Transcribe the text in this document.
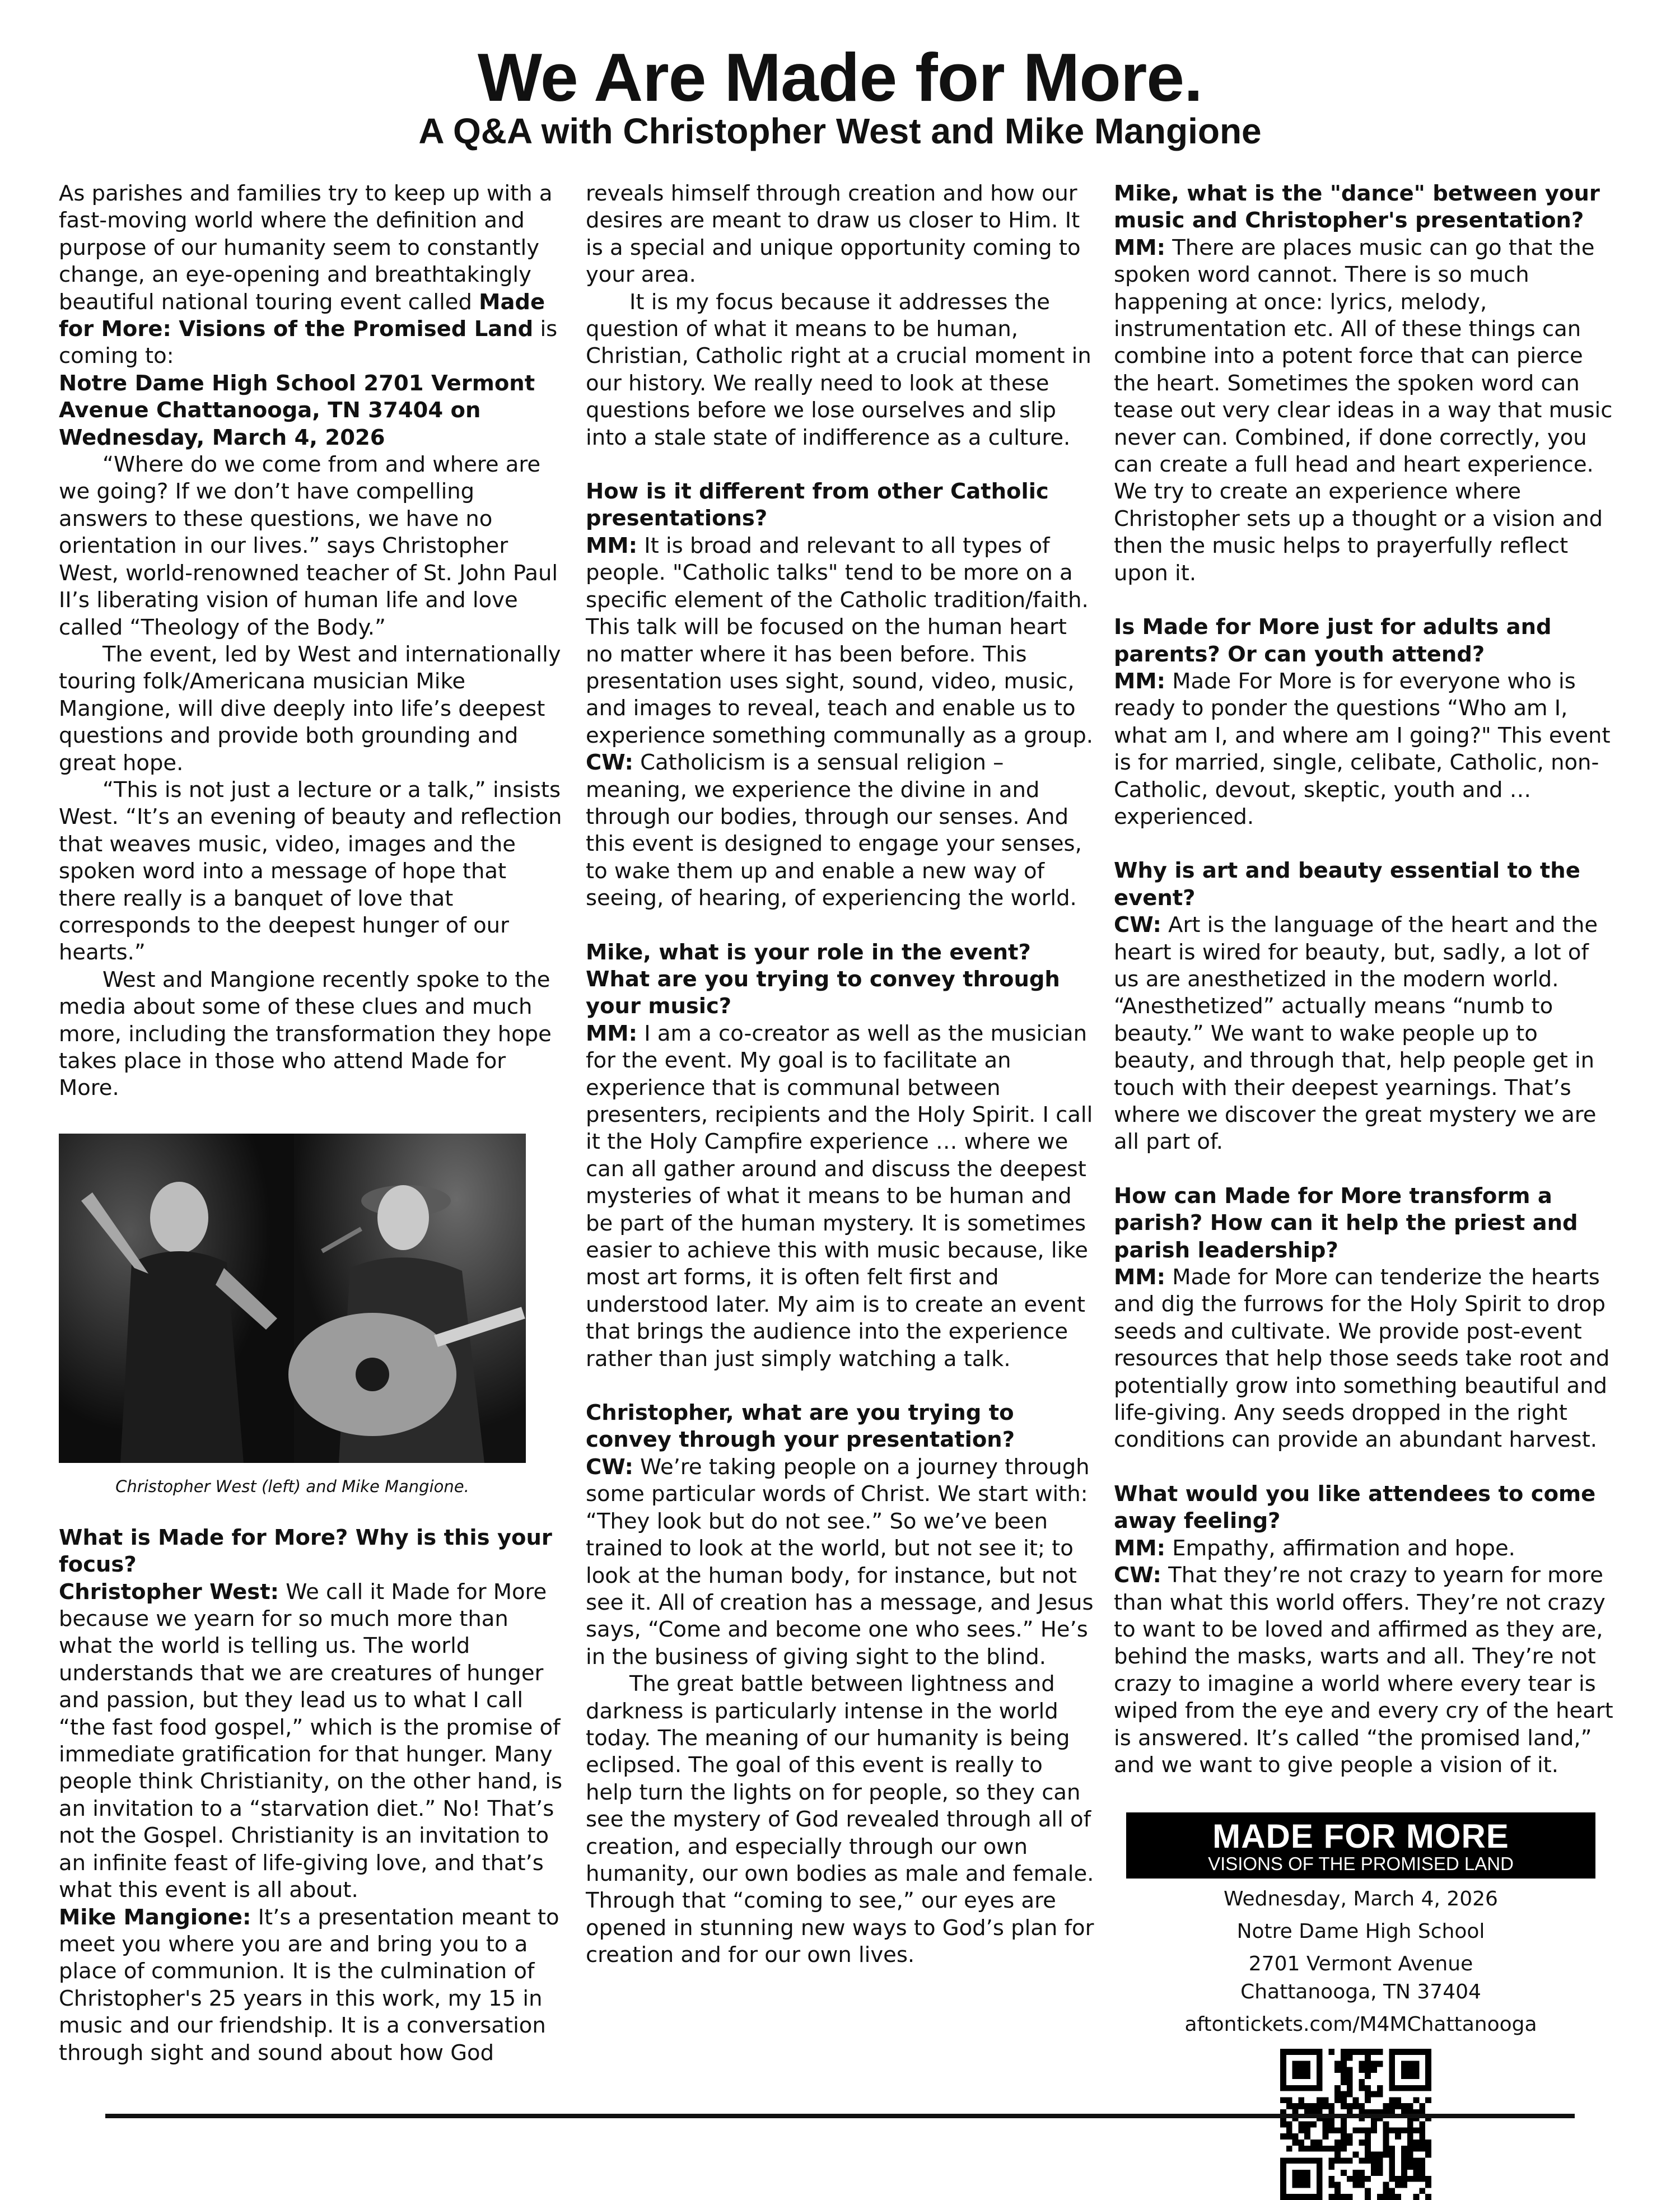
We Are Made for More.
A Q&A with Christopher West and Mike Mangione

As parishes and families try to keep up with a fast-moving world where the definition and purpose of our humanity seem to constantly change, an eye-opening and breathtakingly beautiful national touring event called Made for More: Visions of the Promised Land is coming to:

Notre Dame High School 2701 Vermont Avenue Chattanooga, TN 37404 on Wednesday, March 4, 2026

“Where do we come from and where are we going? If we don’t have compelling answers to these questions, we have no orientation in our lives.” says Christopher West, world-renowned teacher of St. John Paul II’s liberating vision of human life and love called “Theology of the Body.”

The event, led by West and internationally touring folk/Americana musician Mike Mangione, will dive deeply into life’s deepest questions and provide both grounding and great hope.

“This is not just a lecture or a talk,” insists West. “It’s an evening of beauty and reflection that weaves music, video, images and the spoken word into a message of hope that there really is a banquet of love that corresponds to the deepest hunger of our hearts.”

West and Mangione recently spoke to the media about some of these clues and much more, including the transformation they hope takes place in those who attend Made for More.

Christopher West (left) and Mike Mangione.

What is Made for More? Why is this your focus?

Christopher West: We call it Made for More because we yearn for so much more than what the world is telling us. The world understands that we are creatures of hunger and passion, but they lead us to what I call “the fast food gospel,” which is the promise of immediate gratification for that hunger. Many people think Christianity, on the other hand, is an invitation to a “starvation diet.” No! That’s not the Gospel. Christianity is an invitation to an infinite feast of life-giving love, and that’s what this event is all about.

Mike Mangione: It’s a presentation meant to meet you where you are and bring you to a place of communion. It is the culmination of Christopher's 25 years in this work, my 15 in music and our friendship. It is a conversation through sight and sound about how God

reveals himself through creation and how our desires are meant to draw us closer to Him. It is a special and unique opportunity coming to your area.

It is my focus because it addresses the question of what it means to be human, Christian, Catholic right at a crucial moment in our history. We really need to look at these questions before we lose ourselves and slip into a stale state of indifference as a culture.

How is it different from other Catholic presentations?

MM: It is broad and relevant to all types of people. "Catholic talks" tend to be more on a specific element of the Catholic tradition/faith. This talk will be focused on the human heart no matter where it has been before. This presentation uses sight, sound, video, music, and images to reveal, teach and enable us to experience something communally as a group.

CW: Catholicism is a sensual religion – meaning, we experience the divine in and through our bodies, through our senses. And this event is designed to engage your senses, to wake them up and enable a new way of seeing, of hearing, of experiencing the world.

Mike, what is your role in the event? What are you trying to convey through your music?

MM: I am a co-creator as well as the musician for the event. My goal is to facilitate an experience that is communal between presenters, recipients and the Holy Spirit. I call it the Holy Campfire experience … where we can all gather around and discuss the deepest mysteries of what it means to be human and be part of the human mystery. It is sometimes easier to achieve this with music because, like most art forms, it is often felt first and understood later. My aim is to create an event that brings the audience into the experience rather than just simply watching a talk.

Christopher, what are you trying to convey through your presentation?

CW: We’re taking people on a journey through some particular words of Christ. We start with: “They look but do not see.” So we’ve been trained to look at the world, but not see it; to look at the human body, for instance, but not see it. All of creation has a message, and Jesus says, “Come and become one who sees.” He’s in the business of giving sight to the blind.

The great battle between lightness and darkness is particularly intense in the world today. The meaning of our humanity is being eclipsed. The goal of this event is really to help turn the lights on for people, so they can see the mystery of God revealed through all of creation, and especially through our own humanity, our own bodies as male and female. Through that “coming to see,” our eyes are opened in stunning new ways to God’s plan for creation and for our own lives.

Mike, what is the "dance" between your music and Christopher's presentation?

MM: There are places music can go that the spoken word cannot. There is so much happening at once: lyrics, melody, instrumentation etc. All of these things can combine into a potent force that can pierce the heart. Sometimes the spoken word can tease out very clear ideas in a way that music never can. Combined, if done correctly, you can create a full head and heart experience. We try to create an experience where Christopher sets up a thought or a vision and then the music helps to prayerfully reflect upon it.

Is Made for More just for adults and parents? Or can youth attend?

MM: Made For More is for everyone who is ready to ponder the questions “Who am I, what am I, and where am I going?" This event is for married, single, celibate, Catholic, non-Catholic, devout, skeptic, youth and … experienced.

Why is art and beauty essential to the event?

CW: Art is the language of the heart and the heart is wired for beauty, but, sadly, a lot of us are anesthetized in the modern world. “Anesthetized” actually means “numb to beauty.” We want to wake people up to beauty, and through that, help people get in touch with their deepest yearnings. That’s where we discover the great mystery we are all part of.

How can Made for More transform a parish? How can it help the priest and parish leadership?

MM: Made for More can tenderize the hearts and dig the furrows for the Holy Spirit to drop seeds and cultivate. We provide post-event resources that help those seeds take root and potentially grow into something beautiful and life-giving. Any seeds dropped in the right conditions can provide an abundant harvest.

What would you like attendees to come away feeling?

MM: Empathy, affirmation and hope.

CW: That they’re not crazy to yearn for more than what this world offers. They’re not crazy to want to be loved and affirmed as they are, behind the masks, warts and all. They’re not crazy to imagine a world where every tear is wiped from the eye and every cry of the heart is answered. It’s called “the promised land,” and we want to give people a vision of it.

MADE FOR MORE
VISIONS OF THE PROMISED LAND

Wednesday, March 4, 2026

Notre Dame High School

2701 Vermont Avenue

Chattanooga, TN 37404

aftontickets.com/M4MChattanooga
